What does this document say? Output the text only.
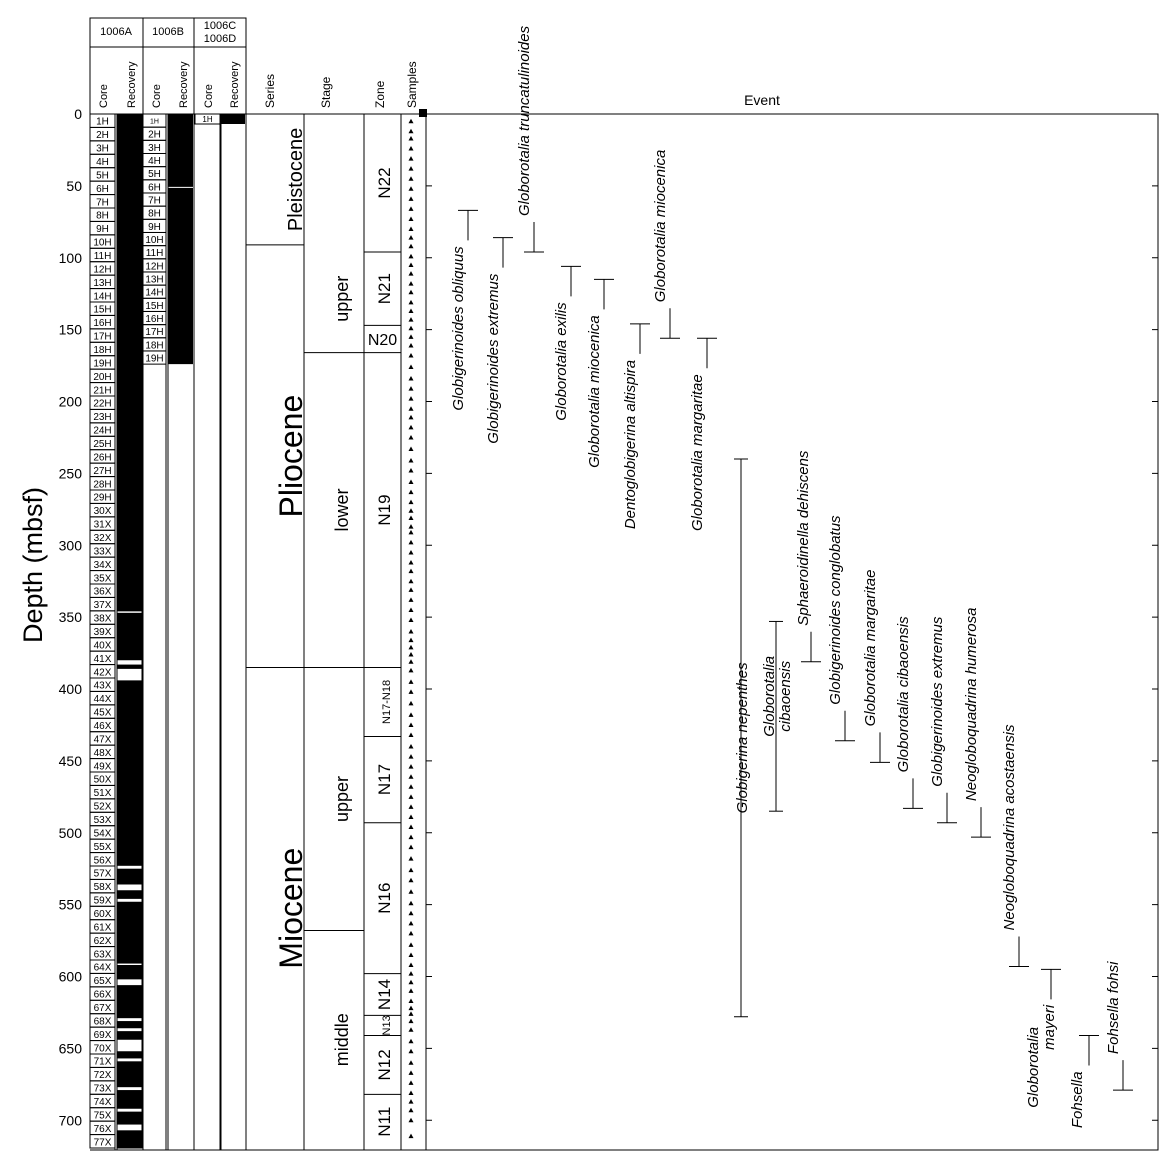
Depth (mbsf)
1006A 1006B 1006C
1006D
Core Recovery Core Recovery Core Recovery Series	Stage	Zone Samples	Event
0
50
100
150
200
250
300
350
400
450
500
550
600
650
700
1H
2H
3H
4H
5H
6H
7H
8H
9H
10H
11H
12H
13H
14H
15H
16H
17H
18H
19H
20H
21H
22H
23H
24H
25H
26H
27H
28H
29H
30X
31X
32X
33X
34X
35X
36X
37X
38X
39X
40X
41X
42X
43X
44X
45X
46X
47X
48X
49X
50X
51X
52X
53X
54X
55X
56X
57X
58X
59X
60X
61X
62X
63X
64X
65X
66X
67X
68X
69X
70X
71X
72X
73X
74X
75X
76X
77X
1H
2H
3H
4H
5H
6H
7H
8H
9H
10H
11H
12H
13H
14H
15H
16H
17H
18H
19H
1H
Pleistocene
Pliocene
Miocene
upper
lower
upper
middle
N22
N21
N20
N19
N17-N18
N17
N16
N14
N13
N12
N11
Globigerinoides obliquus Globigerinoides extremus
Globorotalia truncatulinoides
Globorotalia exilis Globorotalia miocenica Dentoglobigerina altispira
Globorotalia miocenica
Globorotalia margaritae
Globigerina nepenthes Globorotalia cibaoensis
Sphaeroidinella dehiscens Globigerinoides conglobatus Globorotalia margaritae Globorotalia cibaoensis Globigerinoides extremus Neogloboquadrina humerosa
Neogloboquadrina acostaensis
Globorotalia mayeri
Fohsella
Fohsella fohsi
